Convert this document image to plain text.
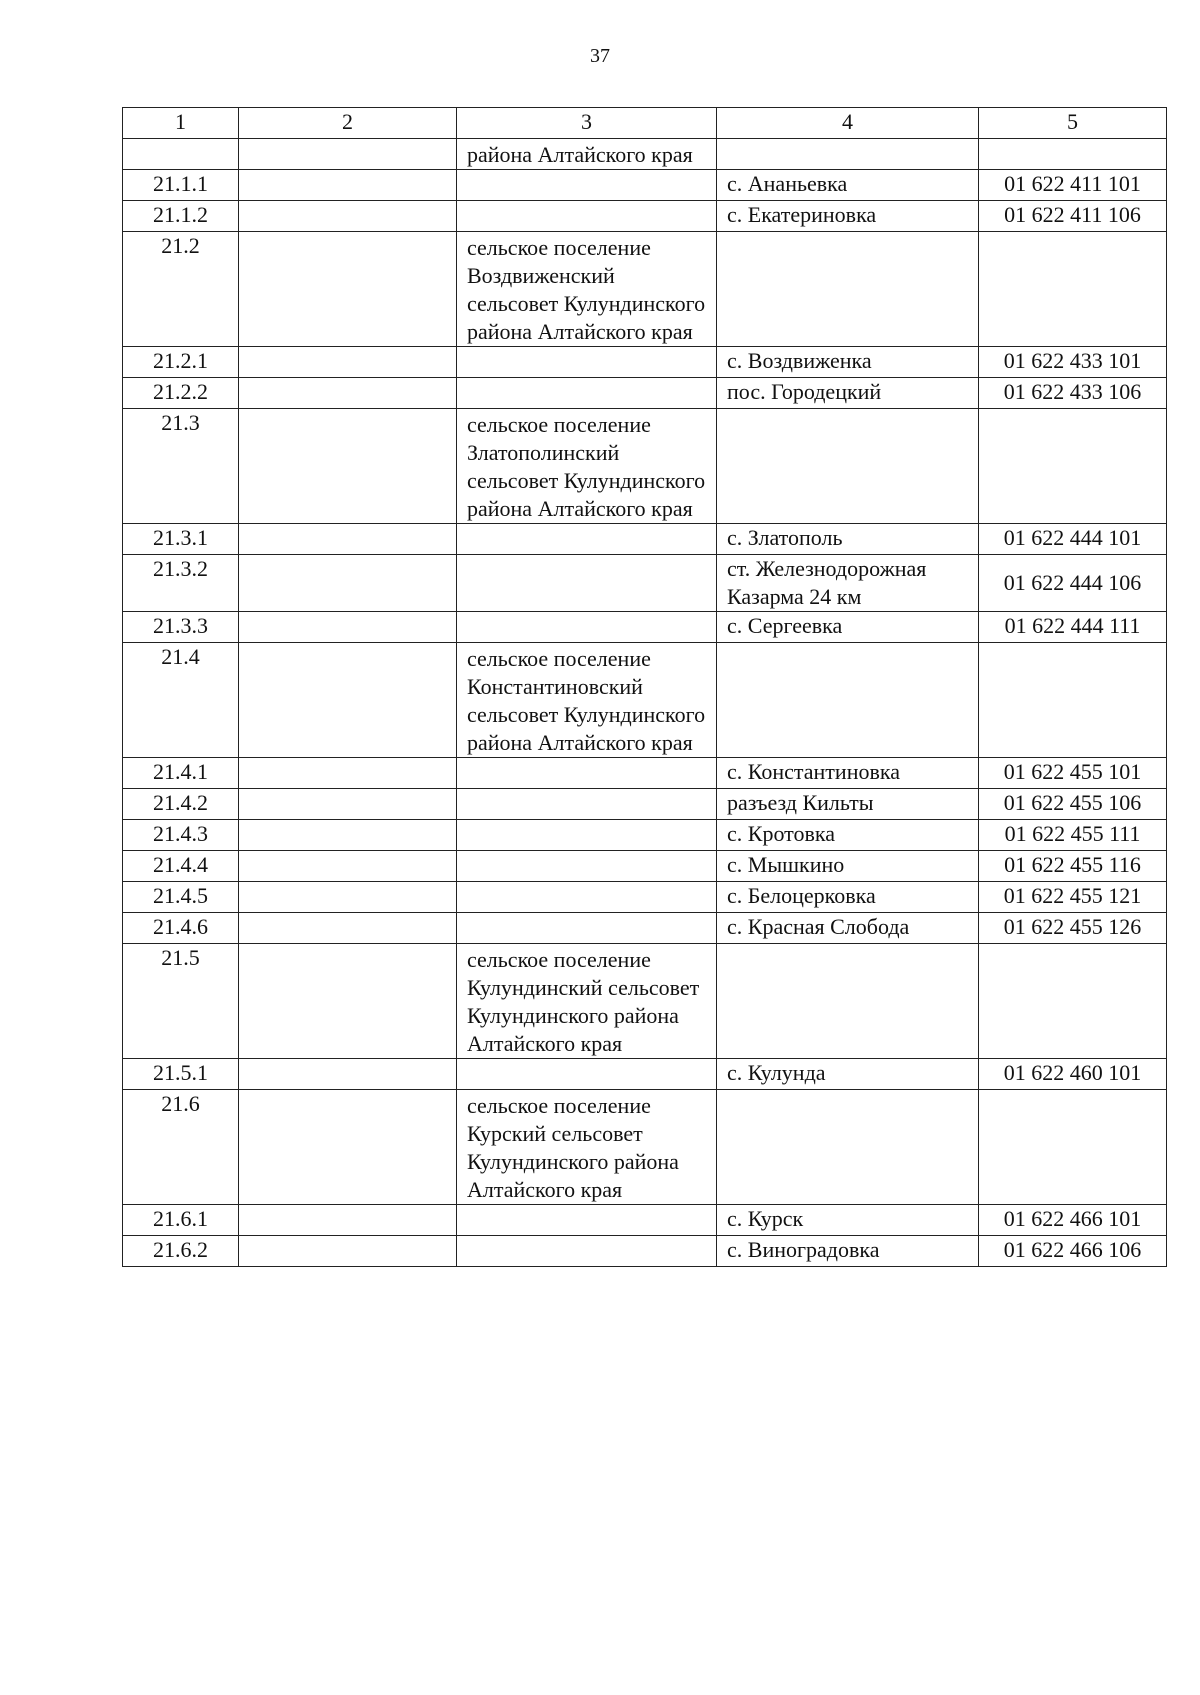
37
1	2	3	4	5
		района Алтайского края		
21.1.1			с. Ананьевка	01 622 411 101
21.1.2			с. Екатериновка	01 622 411 106
21.2		сельское поселение Воздвиженский сельсовет Кулундинского района Алтайского края		
21.2.1			с. Воздвиженка	01 622 433 101
21.2.2			пос. Городецкий	01 622 433 106
21.3		сельское поселение Златополинский сельсовет Кулундинского района Алтайского края		
21.3.1			с. Златополь	01 622 444 101
21.3.2			ст. Железнодорожная Казарма 24 км	01 622 444 106
21.3.3			с. Сергеевка	01 622 444 111
21.4		сельское поселение Константиновский сельсовет Кулундинского района Алтайского края		
21.4.1			с. Константиновка	01 622 455 101
21.4.2			разъезд Кильты	01 622 455 106
21.4.3			с. Кротовка	01 622 455 111
21.4.4			с. Мышкино	01 622 455 116
21.4.5			с. Белоцерковка	01 622 455 121
21.4.6			с. Красная Слобода	01 622 455 126
21.5		сельское поселение Кулундинский сельсовет Кулундинского района Алтайского края		
21.5.1			с. Кулунда	01 622 460 101
21.6		сельское поселение Курский сельсовет Кулундинского района Алтайского края		
21.6.1			с. Курск	01 622 466 101
21.6.2			с. Виноградовка	01 622 466 106
